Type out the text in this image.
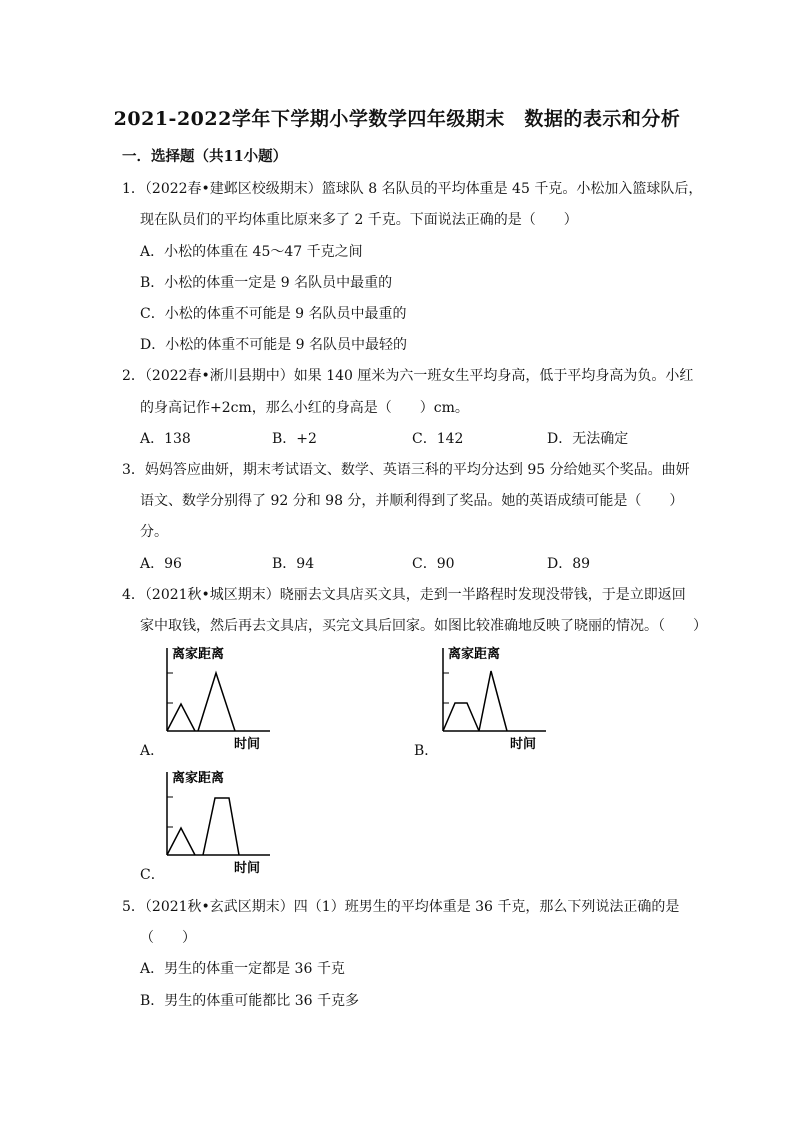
2021-2022学年下学期小学数学四年级期末　数据的表示和分析
一．选择题（共11小题）
1．（2022春•建邺区校级期末）篮球队 8 名队员的平均体重是 45 千克。小松加入篮球队后，
现在队员们的平均体重比原来多了 2 千克。下面说法正确的是（　　）
A．小松的体重在 45～47 千克之间
B．小松的体重一定是 9 名队员中最重的
C．小松的体重不可能是 9 名队员中最重的
D．小松的体重不可能是 9 名队员中最轻的
2．（2022春•淅川县期中）如果 140 厘米为六一班女生平均身高，低于平均身高为负。小红
的身高记作+2cm，那么小红的身高是（　　）cm。
A．138	B．+2	C．142	D．无法确定
3．妈妈答应曲妍，期末考试语文、数学、英语三科的平均分达到 95 分给她买个奖品。曲妍
语文、数学分别得了 92 分和 98 分，并顺利得到了奖品。她的英语成绩可能是（　　）
分。
A．96	B．94	C．90	D．89
4．（2021秋•城区期末）晓丽去文具店买文具，走到一半路程时发现没带钱，于是立即返回
家中取钱，然后再去文具店，买完文具后回家。如图比较准确地反映了晓丽的情况。（　　）
离家距离
时间
A．
离家距离
时间
B．
离家距离
时间
C．
5．（2021秋•玄武区期末）四（1）班男生的平均体重是 36 千克，那么下列说法正确的是
（　　）
A．男生的体重一定都是 36 千克
B．男生的体重可能都比 36 千克多
